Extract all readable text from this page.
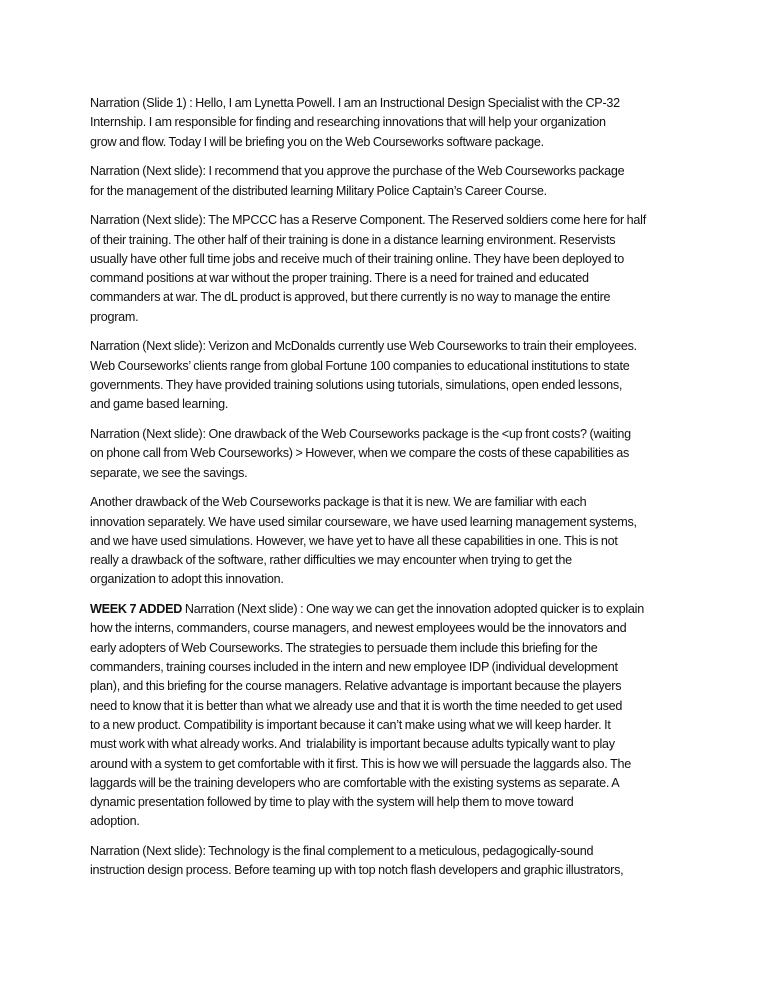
Narration (Slide 1) : Hello, I am Lynetta Powell. I am an Instructional Design Specialist with the CP-32
Internship. I am responsible for finding and researching innovations that will help your organization
grow and flow. Today I will be briefing you on the Web Courseworks software package.
Narration (Next slide): I recommend that you approve the purchase of the Web Courseworks package
for the management of the distributed learning Military Police Captain’s Career Course.
Narration (Next slide): The MPCCC has a Reserve Component. The Reserved soldiers come here for half
of their training. The other half of their training is done in a distance learning environment. Reservists
usually have other full time jobs and receive much of their training online. They have been deployed to
command positions at war without the proper training. There is a need for trained and educated
commanders at war. The dL product is approved, but there currently is no way to manage the entire
program.
Narration (Next slide): Verizon and McDonalds currently use Web Courseworks to train their employees.
Web Courseworks’ clients range from global Fortune 100 companies to educational institutions to state
governments. They have provided training solutions using tutorials, simulations, open ended lessons,
and game based learning.
Narration (Next slide): One drawback of the Web Courseworks package is the <up front costs? (waiting
on phone call from Web Courseworks) > However, when we compare the costs of these capabilities as
separate, we see the savings.
Another drawback of the Web Courseworks package is that it is new. We are familiar with each
innovation separately. We have used similar courseware, we have used learning management systems,
and we have used simulations. However, we have yet to have all these capabilities in one. This is not
really a drawback of the software, rather difficulties we may encounter when trying to get the
organization to adopt this innovation.
WEEK 7 ADDED Narration (Next slide) : One way we can get the innovation adopted quicker is to explain
how the interns, commanders, course managers, and newest employees would be the innovators and
early adopters of Web Courseworks. The strategies to persuade them include this briefing for the
commanders, training courses included in the intern and new employee IDP (individual development
plan), and this briefing for the course managers. Relative advantage is important because the players
need to know that it is better than what we already use and that it is worth the time needed to get used
to a new product. Compatibility is important because it can’t make using what we will keep harder. It
must work with what already works. And  trialability is important because adults typically want to play
around with a system to get comfortable with it first. This is how we will persuade the laggards also. The
laggards will be the training developers who are comfortable with the existing systems as separate. A
dynamic presentation followed by time to play with the system will help them to move toward
adoption.
Narration (Next slide): Technology is the final complement to a meticulous, pedagogically-sound
instruction design process. Before teaming up with top notch flash developers and graphic illustrators,
